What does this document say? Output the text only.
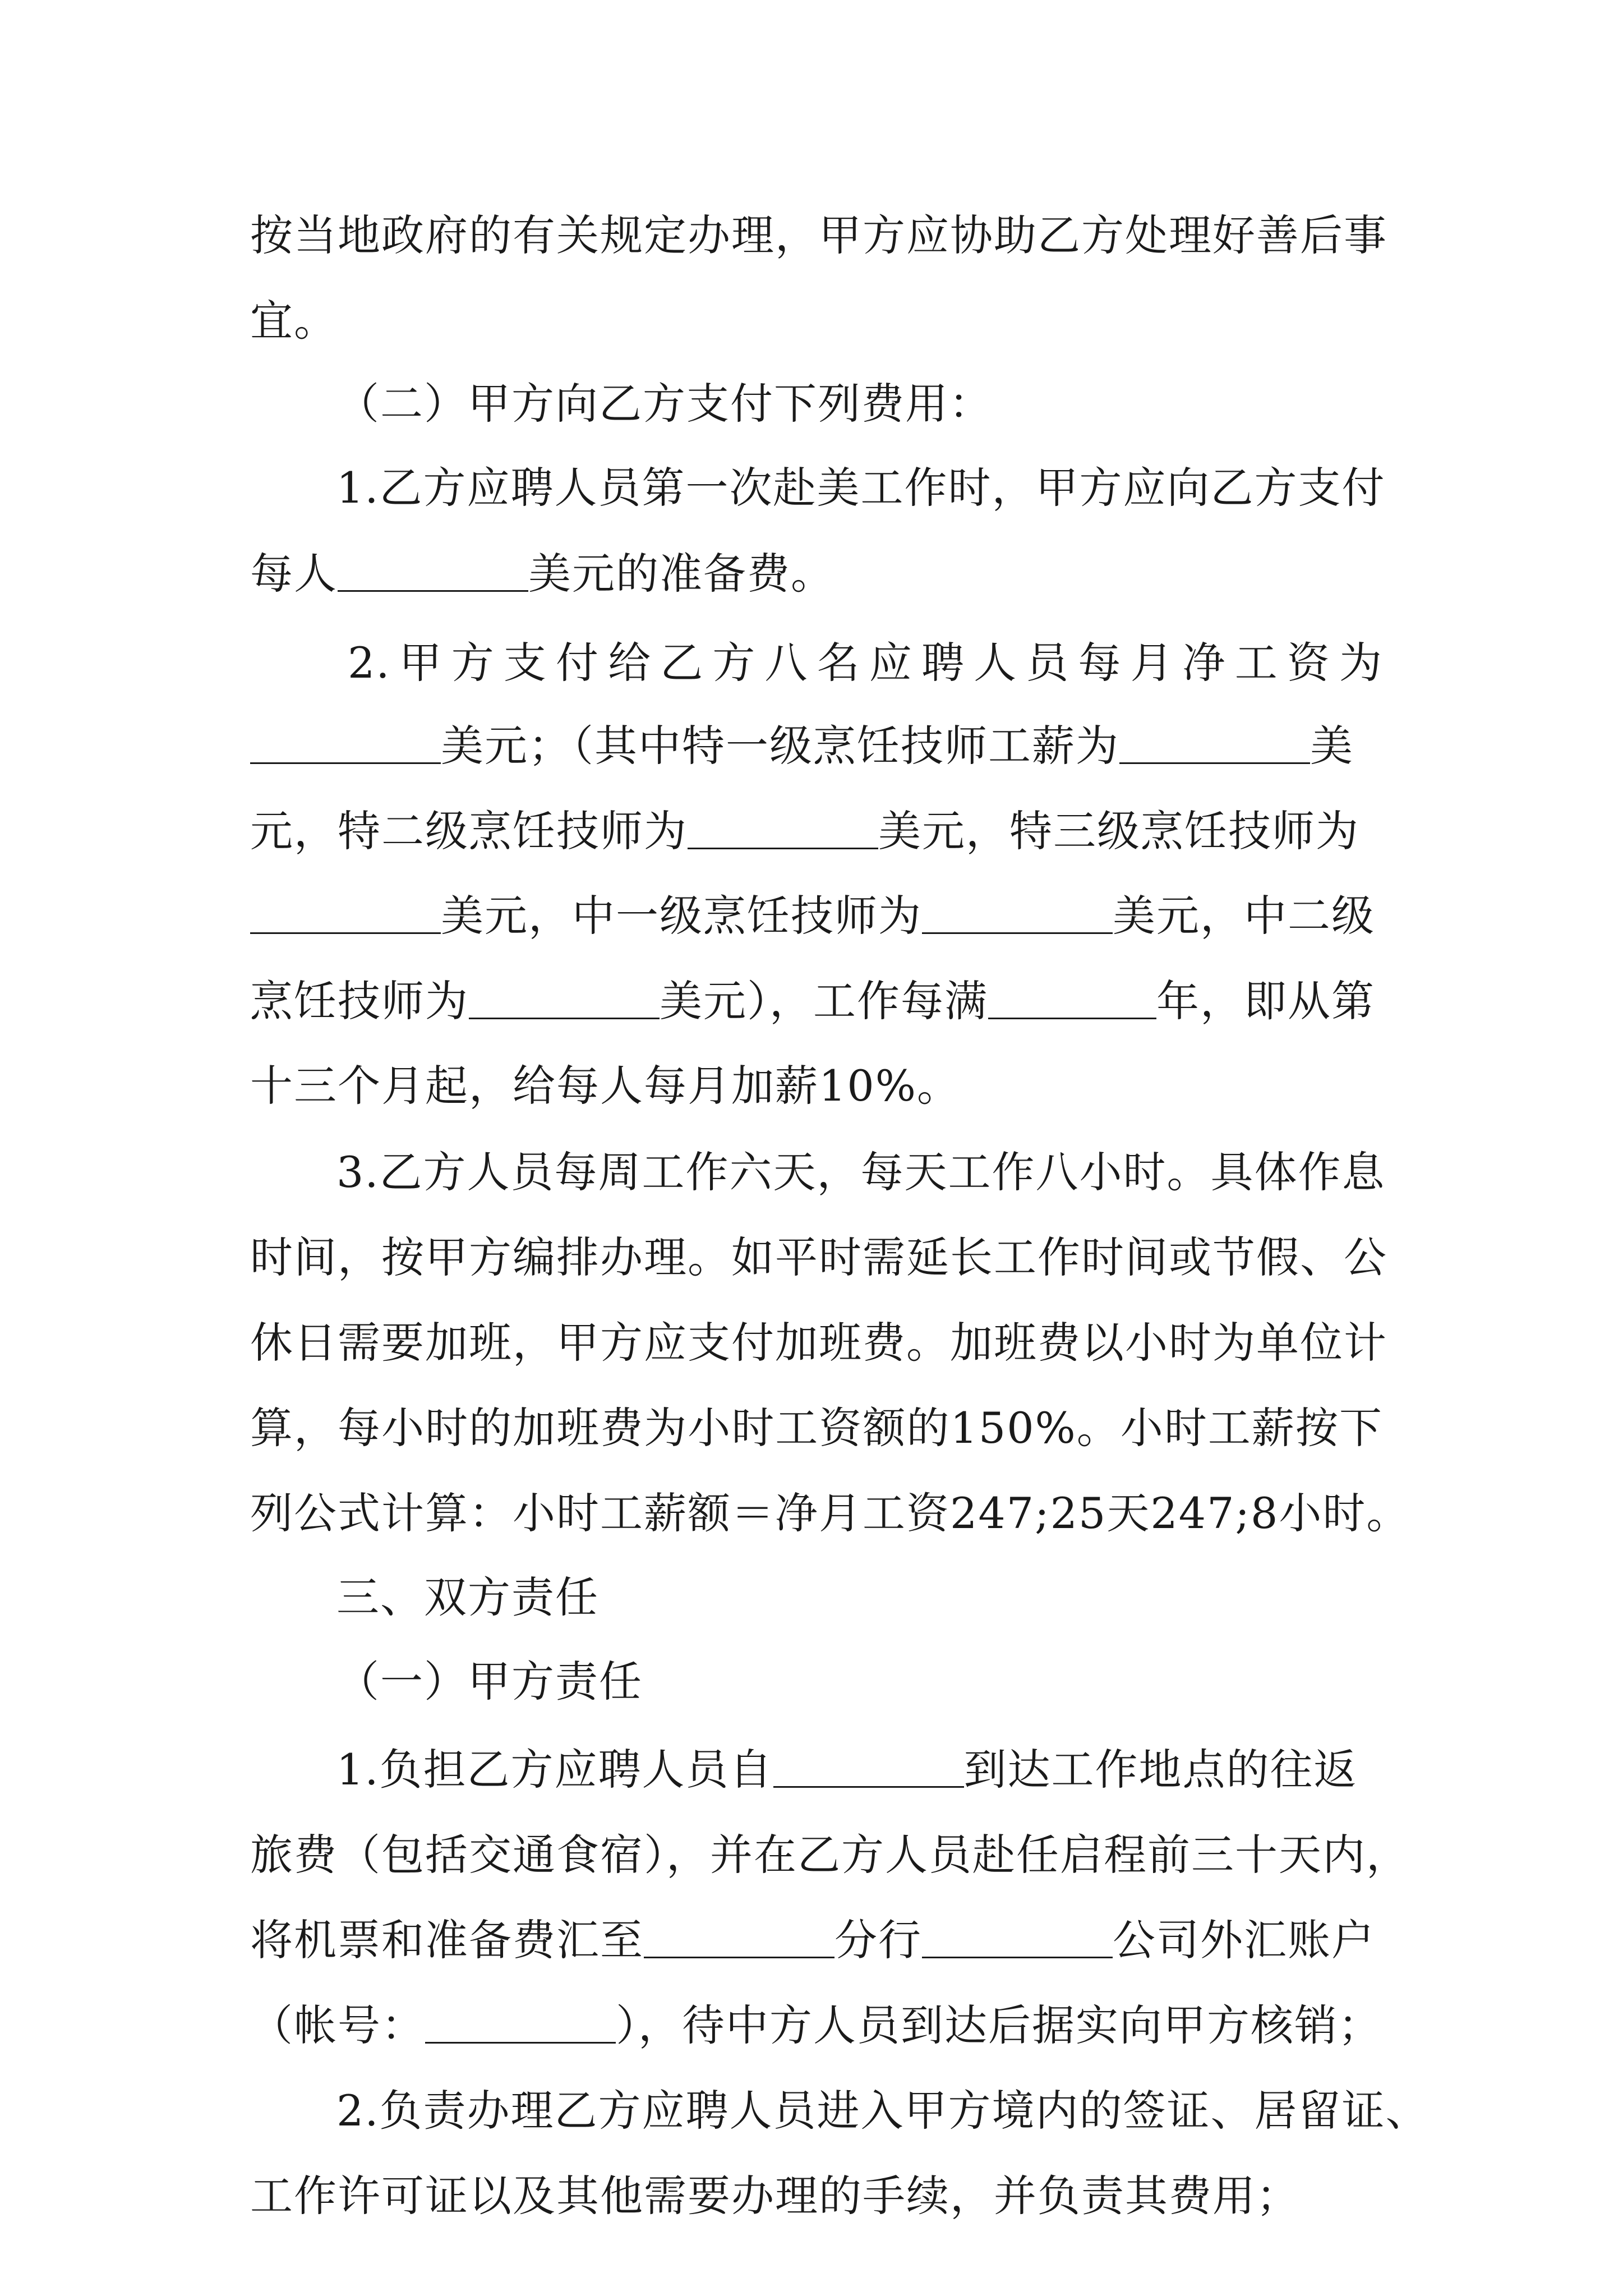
按当地政府的有关规定办理，甲方应协助乙方处理好善后事
宜。
（二）甲方向乙方支付下列费用：
1.乙方应聘人员第一次赴美工作时，甲方应向乙方支付
每人	美元的准备费。
2.甲方支付给乙方八名应聘人员每月净工资为
美元；（其中特一级烹饪技师工薪为	美
元，特二级烹饪技师为	美元，特三级烹饪技师为
美元，中一级烹饪技师为	美元，中二级
烹饪技师为	美元），工作每满	年，即从第
十三个月起，给每人每月加薪10%。
3.乙方人员每周工作六天，每天工作八小时。具体作息
时间，按甲方编排办理。如平时需延长工作时间或节假、公
休日需要加班，甲方应支付加班费。加班费以小时为单位计
算，每小时的加班费为小时工资额的150%。小时工薪按下
列公式计算：小时工薪额＝净月工资247;25天247;8小时。
三、双方责任
（一）甲方责任
1.负担乙方应聘人员自	到达工作地点的往返
旅费（包括交通食宿），并在乙方人员赴任启程前三十天内，
将机票和准备费汇至	分行	公司外汇账户
（帐号：	），待中方人员到达后据实向甲方核销；
2.负责办理乙方应聘人员进入甲方境内的签证、居留证、
工作许可证以及其他需要办理的手续，并负责其费用；
